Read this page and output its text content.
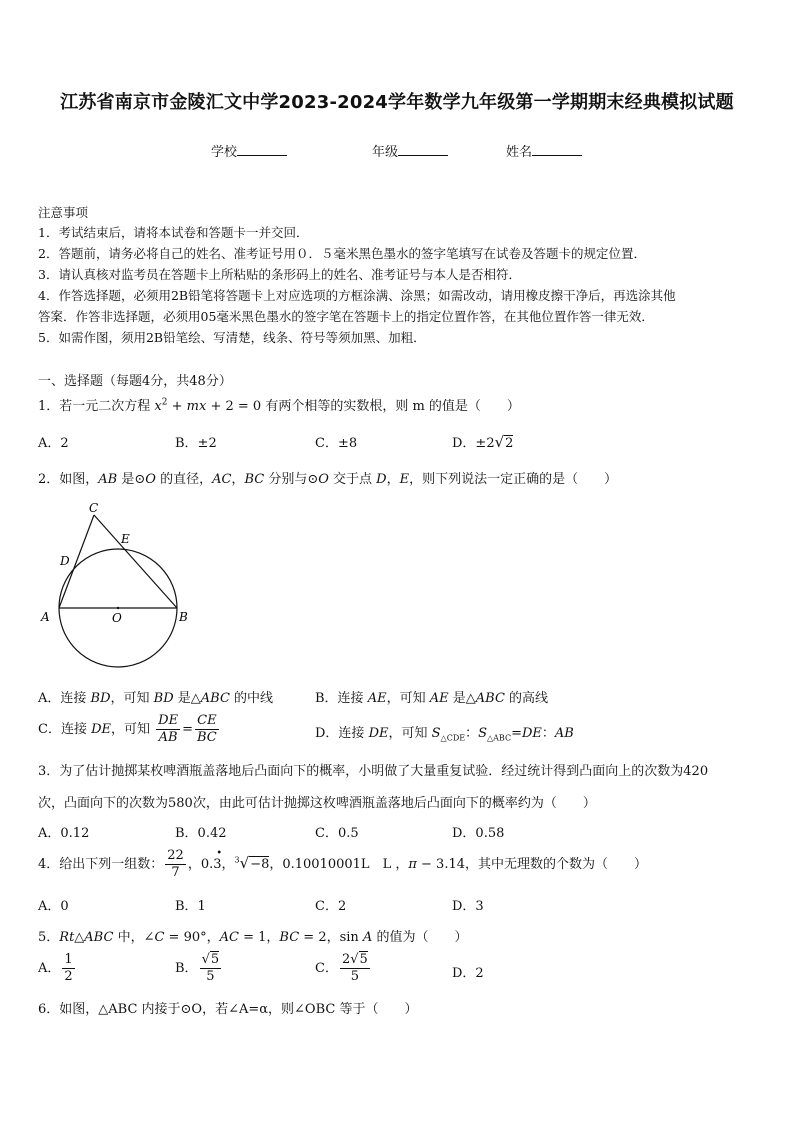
江苏省南京市金陵汇文中学2023-2024学年数学九年级第一学期期末经典模拟试题
学校	年级	姓名
注意事项
1．考试结束后，请将本试卷和答题卡一并交回．
2．答题前，请务必将自己的姓名、准考证号用０．５毫米黑色墨水的签字笔填写在试卷及答题卡的规定位置．
3．请认真核对监考员在答题卡上所粘贴的条形码上的姓名、准考证号与本人是否相符．
4．作答选择题，必须用2B铅笔将答题卡上对应选项的方框涂满、涂黑；如需改动，请用橡皮擦干净后，再选涂其他
答案．作答非选择题，必须用05毫米黑色墨水的签字笔在答题卡上的指定位置作答，在其他位置作答一律无效．
5．如需作图，须用2B铅笔绘、写清楚，线条、符号等须加黑、加粗．
一、选择题（每题4分，共48分）
1．若一元二次方程 $x^2$ + mx + 2 = 0 有两个相等的实数根，则 m 的值是（　　）
A．2	B．±2	C．±8	D．±2√2
2．如图，AB 是⊙O 的直径，AC，BC 分别与⊙O 交于点 D，E，则下列说法一定正确的是（　　）
C
E
D
A	O	B
A．连接 BD，可知 BD 是△ABC 的中线	B．连接 AE，可知 AE 是△ABC 的高线
C．连接 DE，可知 $\frac{DE}{AB} = \frac{CE}{BC}$	D．连接 DE，可知 $S_{\triangle CDE}$：$S_{\triangle ABC}=DE$：AB
3．为了估计抛掷某枚啤酒瓶盖落地后凸面向下的概率，小明做了大量重复试验．经过统计得到凸面向上的次数为420
次，凸面向下的次数为580次，由此可估计抛掷这枚啤酒瓶盖落地后凸面向下的概率约为（　　）
A．0.12	B．0.42	C．0.5	D．0.58
4．给出下列一组数： $\frac{22}{7}$ ，0.3
•
，$^3$√−8，0.10010001L　L ，π − 3.14，其中无理数的个数为（　　）
A．0	B．1	C．2	D．3
5．Rt△ABC 中，∠C = 90°，AC = 1，BC = 2，sin A 的值为（　　）
A． $\frac{1}{2}$	B． $\frac{√5}{5}$	C． $\frac{2√5}{5}$	D．2
6．如图，△ABC 内接于⊙O，若∠A=α，则∠OBC 等于（　　）
